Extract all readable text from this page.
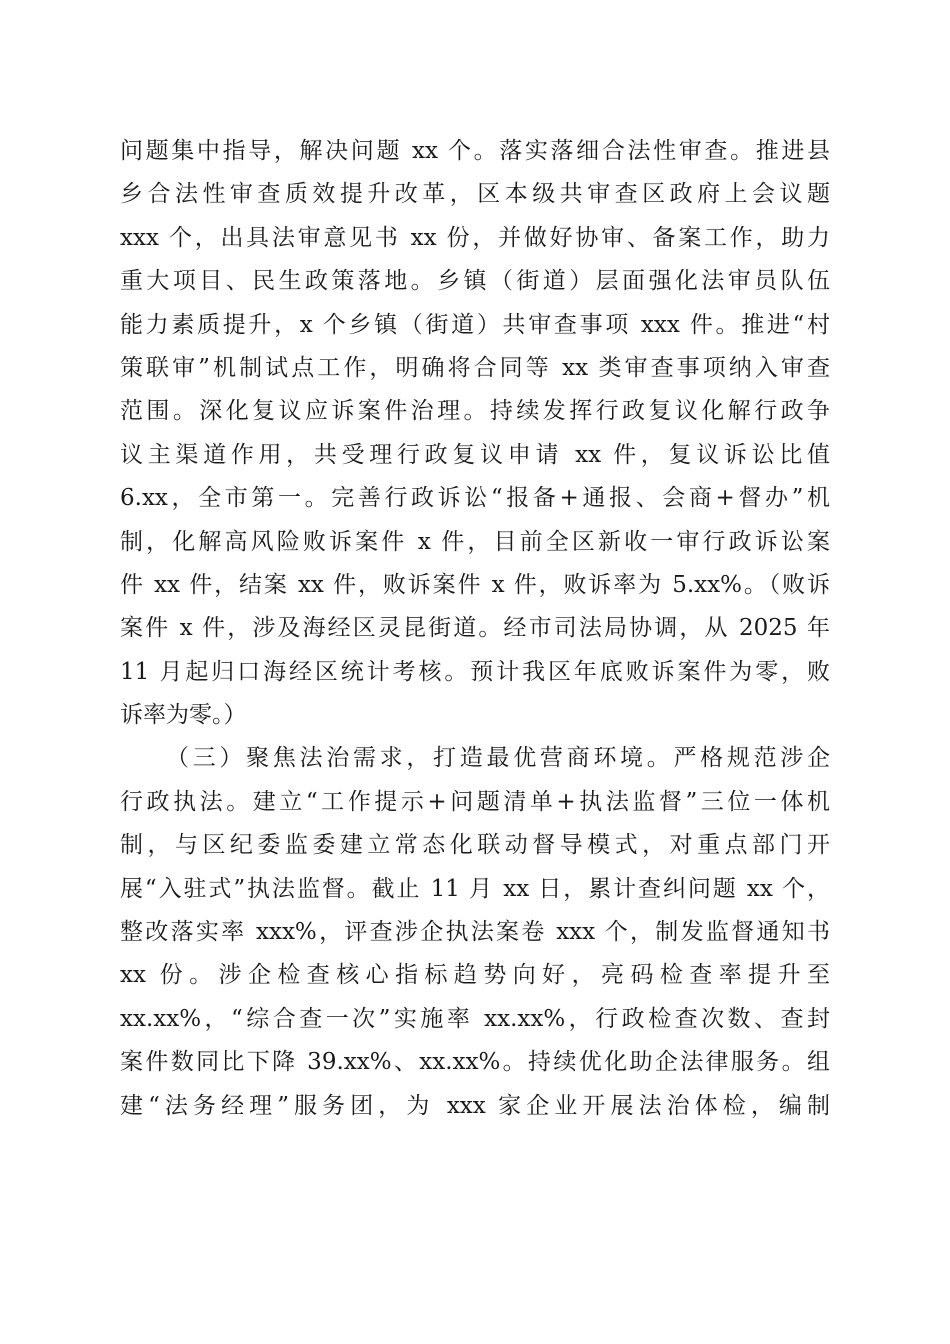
问题集中指导，解决问题 xx 个。落实落细合法性审查。推进县
乡合法性审查质效提升改革，区本级共审查区政府上会议题
xxx 个，出具法审意见书 xx 份，并做好协审、备案工作，助力
重大项目、民生政策落地。乡镇（街道）层面强化法审员队伍
能力素质提升，x 个乡镇（街道）共审查事项 xxx 件。推进“村
策联审”机制试点工作，明确将合同等 xx 类审查事项纳入审查
范围。深化复议应诉案件治理。持续发挥行政复议化解行政争
议主渠道作用，共受理行政复议申请 xx 件，复议诉讼比值
6.xx，全市第一。完善行政诉讼“报备+通报、会商+督办”机
制，化解高风险败诉案件 x 件，目前全区新收一审行政诉讼案
件 xx 件，结案 xx 件，败诉案件 x 件，败诉率为 5.xx%。（败诉
案件 x 件，涉及海经区灵昆街道。经市司法局协调，从 2025 年
11 月起归口海经区统计考核。预计我区年底败诉案件为零，败
诉率为零。）
（三）聚焦法治需求，打造最优营商环境。严格规范涉企
行政执法。建立“工作提示+问题清单+执法监督”三位一体机
制，与区纪委监委建立常态化联动督导模式，对重点部门开
展“入驻式”执法监督。截止 11 月 xx 日，累计查纠问题 xx 个，
整改落实率 xxx%，评查涉企执法案卷 xxx 个，制发监督通知书
xx 份。涉企检查核心指标趋势向好，亮码检查率提升至
xx.xx%，“综合查一次”实施率 xx.xx%，行政检查次数、查封
案件数同比下降 39.xx%、xx.xx%。持续优化助企法律服务。组
建“法务经理”服务团，为 xxx 家企业开展法治体检，编制
